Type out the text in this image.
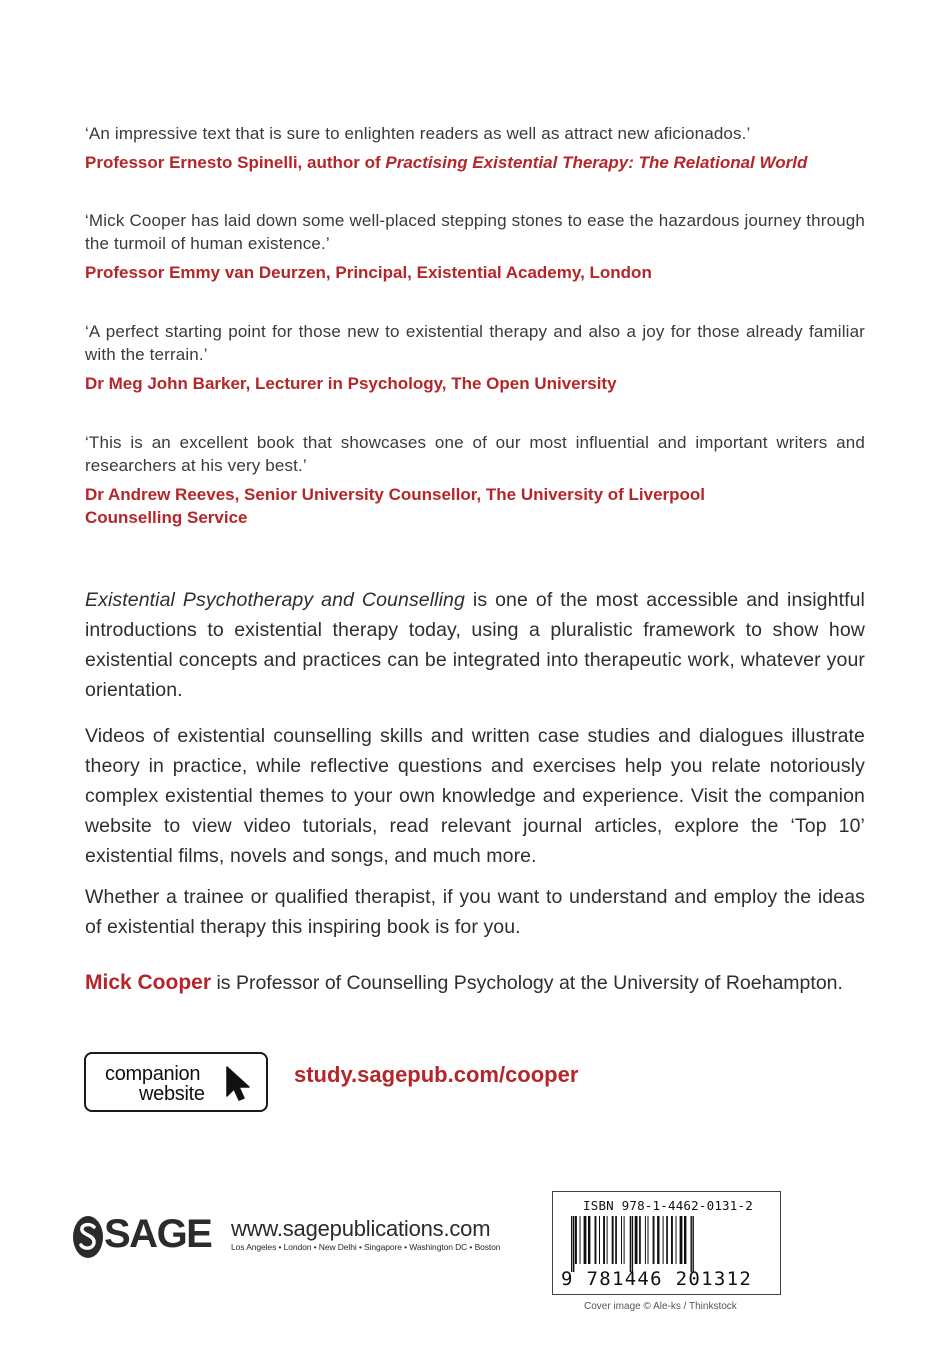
‘An impressive text that is sure to enlighten readers as well as attract new aficionados.’
Professor Ernesto Spinelli, author of Practising Existential Therapy: The Relational World
‘Mick Cooper has laid down some well-placed stepping stones to ease the hazardous journey through the turmoil of human existence.’
Professor Emmy van Deurzen, Principal, Existential Academy, London
‘A perfect starting point for those new to existential therapy and also a joy for those already familiar with the terrain.’
Dr Meg John Barker, Lecturer in Psychology, The Open University
‘This is an excellent book that showcases one of our most influential and important writers and researchers at his very best.’
Dr Andrew Reeves, Senior University Counsellor, The University of Liverpool
Counselling Service

Existential Psychotherapy and Counselling is one of the most accessible and insightful introductions to existential therapy today, using a pluralistic framework to show how existential concepts and practices can be integrated into therapeutic work, whatever your orientation.

Videos of existential counselling skills and written case studies and dialogues illustrate theory in practice, while reflective questions and exercises help you relate notoriously complex existential themes to your own knowledge and experience. Visit the companion website to view video tutorials, read relevant journal articles, explore the ‘Top 10’ existential films, novels and songs, and much more.

Whether a trainee or qualified therapist, if you want to understand and employ the ideas of existential therapy this inspiring book is for you.

Mick Cooper is Professor of Counselling Psychology at the University of Roehampton.
companion
website
study.sagepub.com/cooper
SAGE www.sagepublications.com
Los Angeles • London • New Delhi • Singapore • Washington DC • Boston
ISBN 978-1-4462-0131-2
9 781446 201312
Cover image © Ale-ks / Thinkstock
